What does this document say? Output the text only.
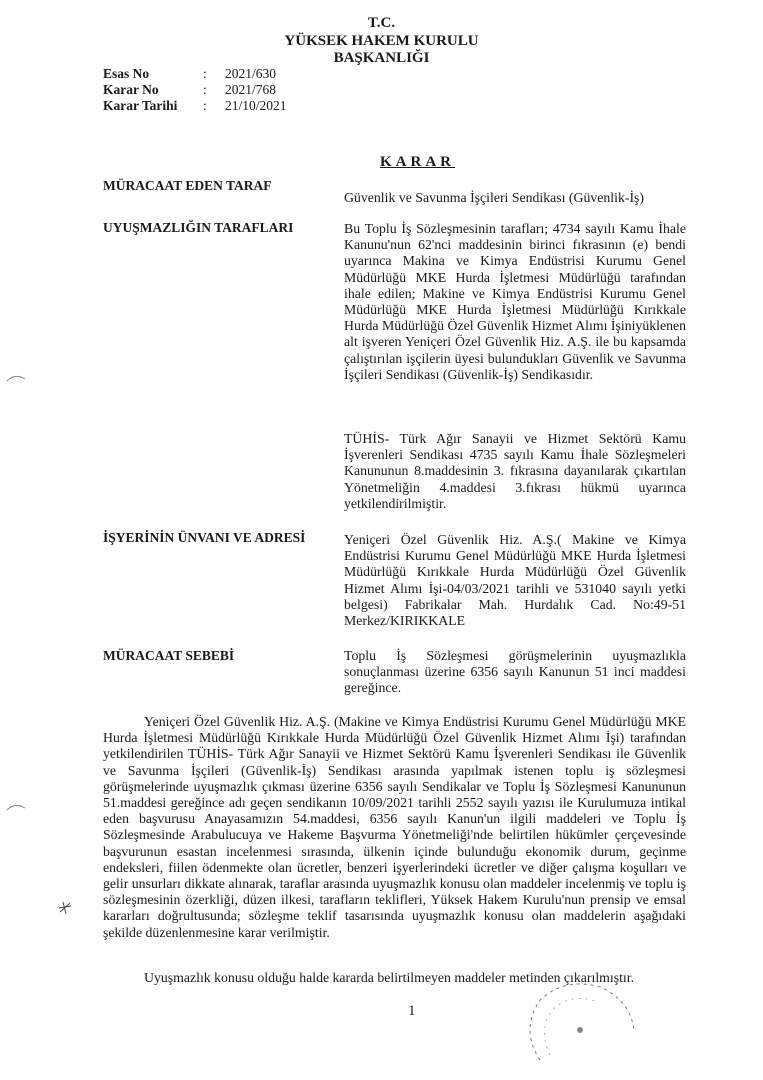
T.C.
YÜKSEK HAKEM KURULU
BAŞKANLIĞI
Esas No	:	2021/630
Karar No	:	2021/768
Karar Tarihi	:	21/10/2021
KARAR
MÜRACAAT EDEN TARAF
Güvenlik ve Savunma İşçileri Sendikası (Güvenlik-İş)
UYUŞMAZLIĞIN TARAFLARI	Bu Toplu İş Sözleşmesinin tarafları; 4734 sayılı Kamu İhale Kanunu'nun 62'nci maddesinin birinci fıkrasının (e) bendi uyarınca Makina ve Kimya Endüstrisi Kurumu Genel Müdürlüğü MKE Hurda İşletmesi Müdürlüğü tarafından ihale edilen; Makine ve Kimya Endüstrisi Kurumu Genel Müdürlüğü MKE Hurda İşletmesi Müdürlüğü Kırıkkale Hurda Müdürlüğü Özel Güvenlik Hizmet Alımı İşiniyüklenen alt işveren Yeniçeri Özel Güvenlik Hiz. A.Ş. ile bu kapsamda çalıştırılan işçilerin üyesi bulundukları Güvenlik ve Savunma İşçileri Sendikası (Güvenlik-İş) Sendikasıdır.
TÜHİS- Türk Ağır Sanayii ve Hizmet Sektörü Kamu İşverenleri Sendikası 4735 sayılı Kamu İhale Sözleşmeleri Kanununun 8.maddesinin 3. fıkrasına dayanılarak çıkartılan Yönetmeliğin 4.maddesi 3.fıkrası hükmü uyarınca yetkilendirilmiştir.
İŞYERİNİN ÜNVANI VE ADRESİ	Yeniçeri Özel Güvenlik Hiz. A.Ş.( Makine ve Kimya Endüstrisi Kurumu Genel Müdürlüğü MKE Hurda İşletmesi Müdürlüğü Kırıkkale Hurda Müdürlüğü Özel Güvenlik Hizmet Alımı İşi-04/03/2021 tarihli ve 531040 sayılı yetki belgesi) Fabrikalar Mah. Hurdalık Cad. No:49-51 Merkez/KIRIKKALE
MÜRACAAT SEBEBİ	Toplu İş Sözleşmesi görüşmelerinin uyuşmazlıkla sonuçlanması üzerine 6356 sayılı Kanunun 51 inci maddesi gereğince.
Yeniçeri Özel Güvenlik Hiz. A.Ş. (Makine ve Kimya Endüstrisi Kurumu Genel Müdürlüğü MKE Hurda İşletmesi Müdürlüğü Kırıkkale Hurda Müdürlüğü Özel Güvenlik Hizmet Alımı İşi) tarafından yetkilendirilen TÜHİS- Türk Ağır Sanayii ve Hizmet Sektörü Kamu İşverenleri Sendikası ile Güvenlik ve Savunma İşçileri (Güvenlik-İş) Sendikası arasında yapılmak istenen toplu iş sözleşmesi görüşmelerinde uyuşmazlık çıkması üzerine 6356 sayılı Sendikalar ve Toplu İş Sözleşmesi Kanununun 51.maddesi gereğince adı geçen sendikanın 10/09/2021 tarihli 2552 sayılı yazısı ile Kurulumuza intikal eden başvurusu Anayasamızın 54.maddesi, 6356 sayılı Kanun'un ilgili maddeleri ve Toplu İş Sözleşmesinde Arabulucuya ve Hakeme Başvurma Yönetmeliği'nde belirtilen hükümler çerçevesinde başvurunun esastan incelenmesi sırasında, ülkenin içinde bulunduğu ekonomik durum, geçinme endeksleri, fiilen ödenmekte olan ücretler, benzeri işyerlerindeki ücretler ve diğer çalışma koşulları ve gelir unsurları dikkate alınarak, taraflar arasında uyuşmazlık konusu olan maddeler incelenmiş ve toplu iş sözleşmesinin özerkliği, düzen ilkesi, tarafların teklifleri, Yüksek Hakem Kurulu'nun prensip ve emsal kararları doğrultusunda; sözleşme teklif tasarısında uyuşmazlık konusu olan maddelerin aşağıdaki şekilde düzenlenmesine karar verilmiştir.
Uyuşmazlık konusu olduğu halde kararda belirtilmeyen maddeler metinden çıkarılmıştır.
1
